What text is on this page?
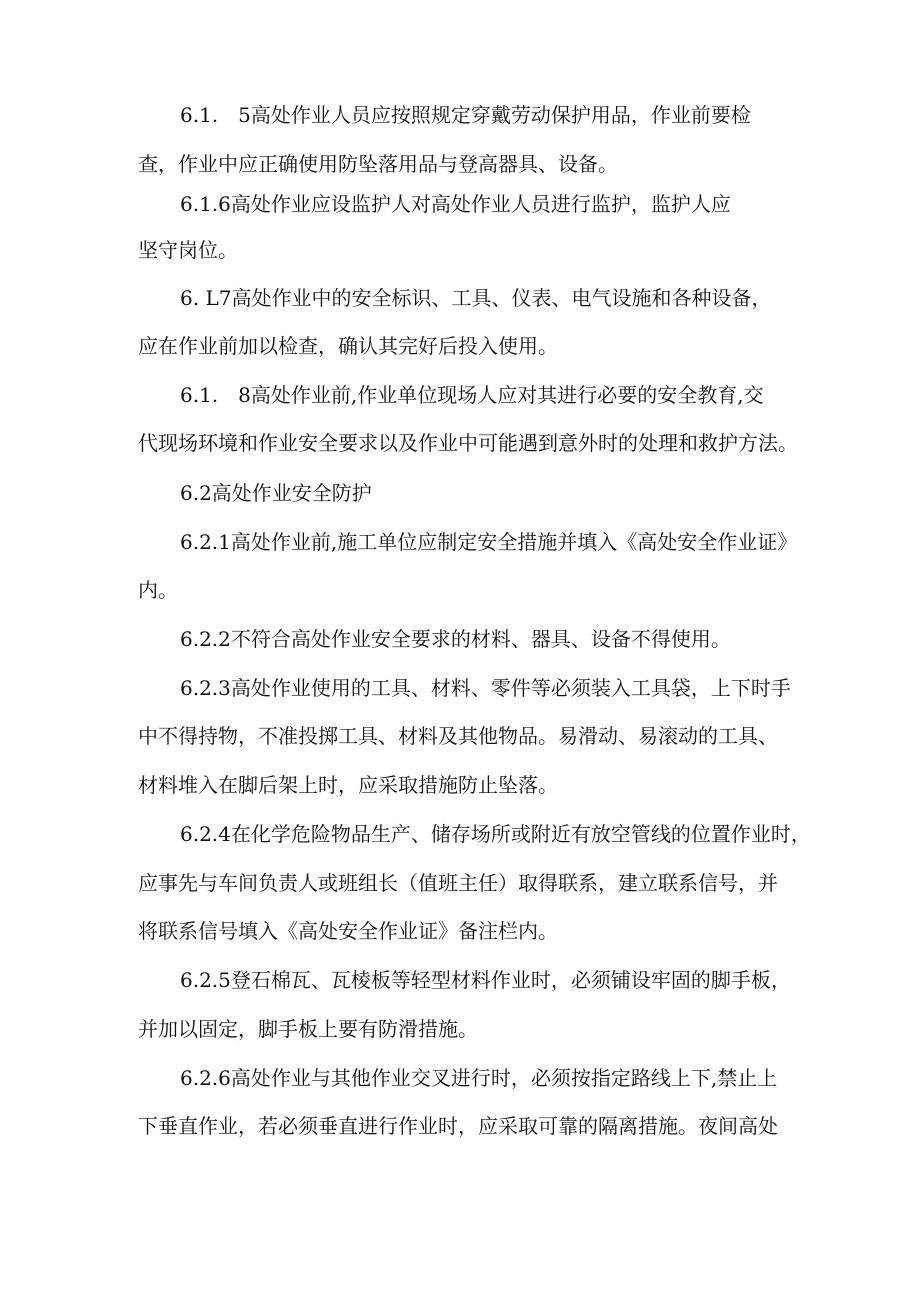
6.1.　5高处作业人员应按照规定穿戴劳动保护用品，作业前要检
查，作业中应正确使用防坠落用品与登高器具、设备。
6.1.6高处作业应设监护人对高处作业人员进行监护，监护人应
坚守岗位。
6. L7高处作业中的安全标识、工具、仪表、电气设施和各种设备，
应在作业前加以检查，确认其完好后投入使用。
6.1.　8高处作业前,作业单位现场人应对其进行必要的安全教育,交
代现场环境和作业安全要求以及作业中可能遇到意外时的处理和救护方法。
6.2高处作业安全防护
6.2.1高处作业前,施工单位应制定安全措施并填入《高处安全作业证》
内。
6.2.2不符合高处作业安全要求的材料、器具、设备不得使用。
6.2.3高处作业使用的工具、材料、零件等必须装入工具袋，上下时手
中不得持物，不准投掷工具、材料及其他物品。易滑动、易滚动的工具、
材料堆入在脚后架上时，应采取措施防止坠落。
6.2.4在化学危险物品生产、储存场所或附近有放空管线的位置作业时，
应事先与车间负责人或班组长（值班主任）取得联系，建立联系信号，并
将联系信号填入《高处安全作业证》备注栏内。
6.2.5登石棉瓦、瓦棱板等轻型材料作业时，必须铺设牢固的脚手板，
并加以固定，脚手板上要有防滑措施。
6.2.6高处作业与其他作业交叉进行时，必须按指定路线上下,禁止上
下垂直作业，若必须垂直进行作业时，应采取可靠的隔离措施。夜间高处
